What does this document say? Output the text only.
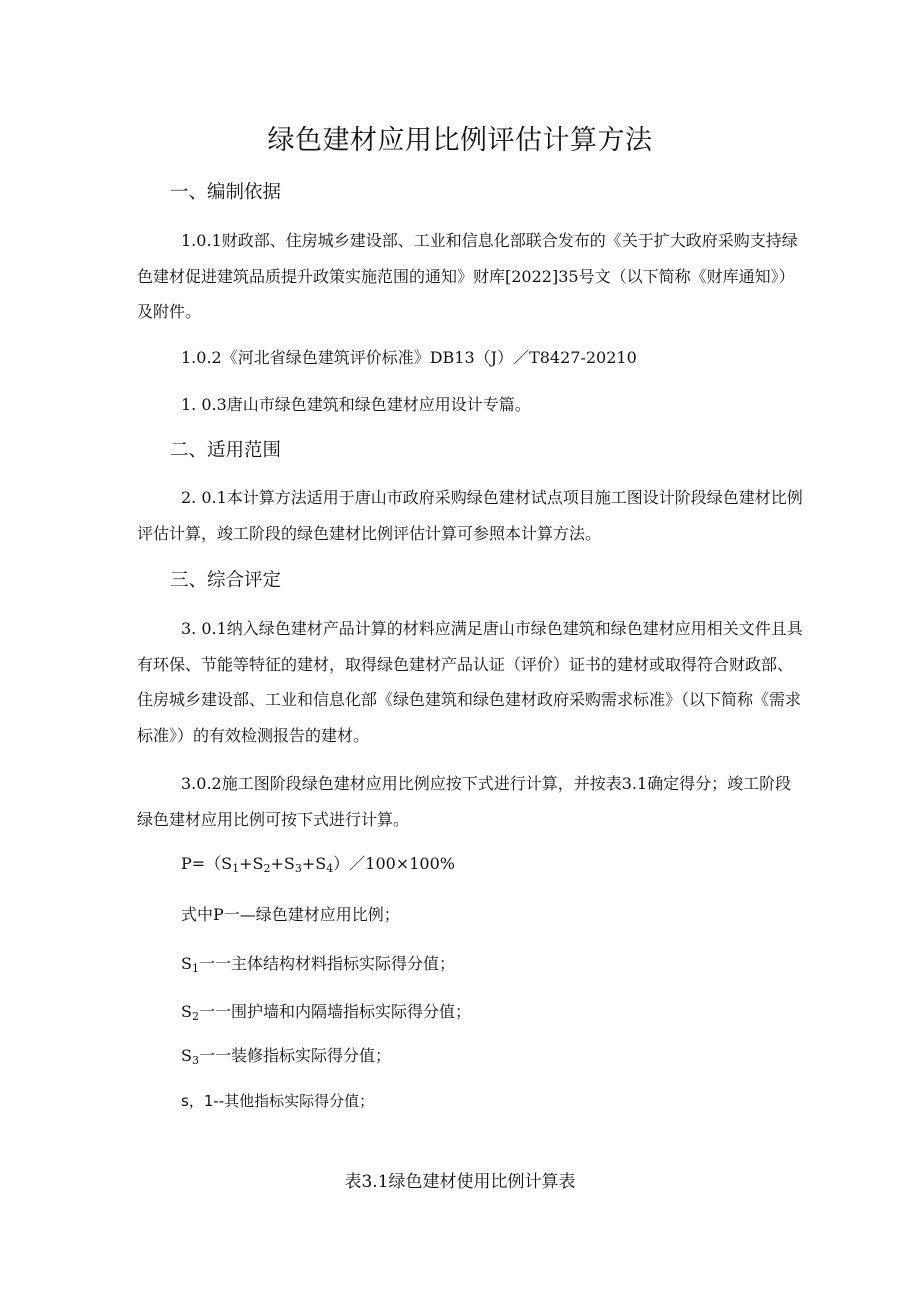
绿色建材应用比例评估计算方法
一、编制依据

1.0.1财政部、住房城乡建设部、工业和信息化部联合发布的《关于扩大政府采购支持绿色建材促进建筑品质提升政策实施范围的通知》财库[2022]35号文（以下简称《财库通知》）及附件。

1.0.2《河北省绿色建筑评价标准》DB13（J）／T8427-20210

1. 0.3唐山市绿色建筑和绿色建材应用设计专篇。

二、适用范围

2. 0.1本计算方法适用于唐山市政府采购绿色建材试点项目施工图设计阶段绿色建材比例评估计算，竣工阶段的绿色建材比例评估计算可参照本计算方法。

三、综合评定

3. 0.1纳入绿色建材产品计算的材料应满足唐山市绿色建筑和绿色建材应用相关文件且具有环保、节能等特征的建材，取得绿色建材产品认证（评价）证书的建材或取得符合财政部、住房城乡建设部、工业和信息化部《绿色建筑和绿色建材政府采购需求标准》（以下简称《需求标准》）的有效检测报告的建材。

3.0.2施工图阶段绿色建材应用比例应按下式进行计算，并按表3.1确定得分；竣工阶段绿色建材应用比例可按下式进行计算。

$P=(S_1+S_2+S_3+S_4)/100\times 100\%$
式中P一—绿色建材应用比例；
$S_1$一一主体结构材料指标实际得分值；
$S_2$一一围护墙和内隔墙指标实际得分值；
$S_3$一一装修指标实际得分值；
s，1--其他指标实际得分值；
表3.1绿色建材使用比例计算表
